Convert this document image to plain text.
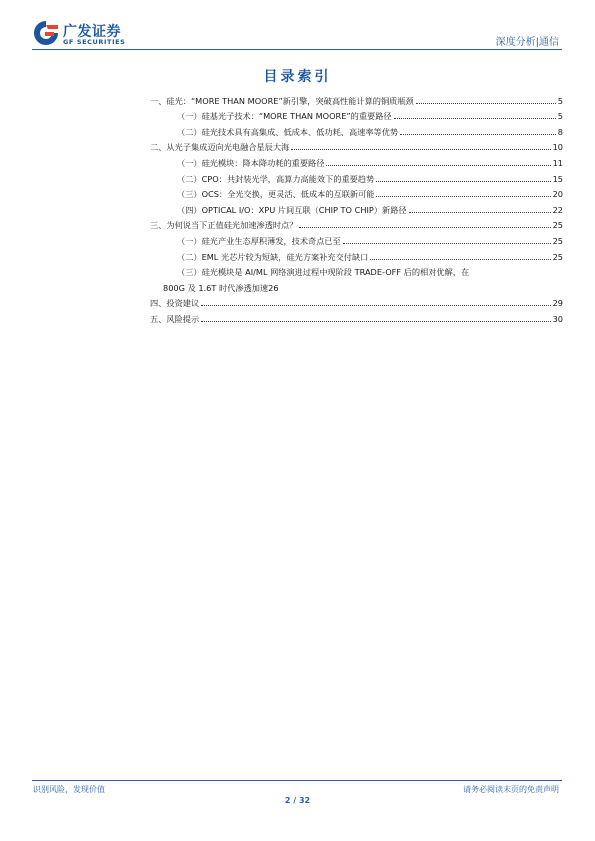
广发证券
GF SECURITIES	深度分析|通信
目录索引
一、硅光：“MORE THAN MOORE”新引擎，突破高性能计算的铜质瓶颈	5
（一）硅基光子技术：“MORE THAN MOORE”的重要路径	5
（二）硅光技术具有高集成、低成本、低功耗、高速率等优势	8
二、从光子集成迈向光电融合星辰大海	10
（一）硅光模块：降本降功耗的重要路径	11
（二）CPO：共封装光学，高算力高能效下的重要趋势	15
（三）OCS：全光交换，更灵活、低成本的互联新可能	20
（四）OPTICAL I/O：XPU 片间互联（CHIP TO CHIP）新路径	22
三、为何说当下正值硅光加速渗透时点？	25
（一）硅光产业生态厚积薄发，技术奇点已至	25
（二）EML 光芯片较为短缺，硅光方案补充交付缺口	25
（三）硅光模块是 AI/ML 网络演进过程中现阶段 TRADE-OFF 后的相对优解，在
800G 及 1.6T 时代渗透加速 26
四、投资建议	29
五、风险提示	30
识别风险，发现价值	请务必阅读末页的免责声明
2 / 32
